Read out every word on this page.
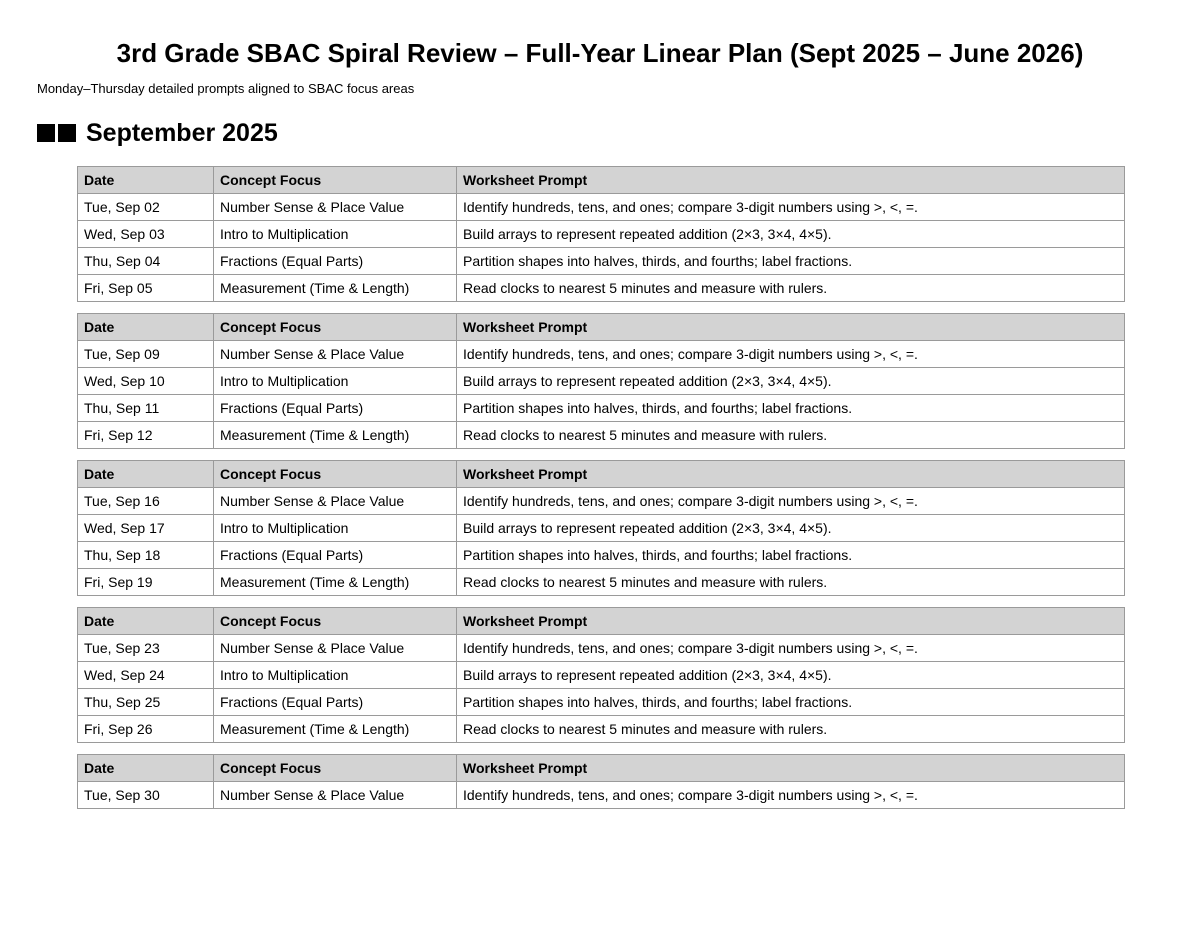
3rd Grade SBAC Spiral Review – Full-Year Linear Plan (Sept 2025 – June 2026)

Monday–Thursday detailed prompts aligned to SBAC focus areas

September 2025
Date	Concept Focus	Worksheet Prompt
Tue, Sep 02	Number Sense & Place Value	Identify hundreds, tens, and ones; compare 3-digit numbers using >, <, =.
Wed, Sep 03	Intro to Multiplication	Build arrays to represent repeated addition (2×3, 3×4, 4×5).
Thu, Sep 04	Fractions (Equal Parts)	Partition shapes into halves, thirds, and fourths; label fractions.
Fri, Sep 05	Measurement (Time & Length)	Read clocks to nearest 5 minutes and measure with rulers.
Date	Concept Focus	Worksheet Prompt
Tue, Sep 09	Number Sense & Place Value	Identify hundreds, tens, and ones; compare 3-digit numbers using >, <, =.
Wed, Sep 10	Intro to Multiplication	Build arrays to represent repeated addition (2×3, 3×4, 4×5).
Thu, Sep 11	Fractions (Equal Parts)	Partition shapes into halves, thirds, and fourths; label fractions.
Fri, Sep 12	Measurement (Time & Length)	Read clocks to nearest 5 minutes and measure with rulers.
Date	Concept Focus	Worksheet Prompt
Tue, Sep 16	Number Sense & Place Value	Identify hundreds, tens, and ones; compare 3-digit numbers using >, <, =.
Wed, Sep 17	Intro to Multiplication	Build arrays to represent repeated addition (2×3, 3×4, 4×5).
Thu, Sep 18	Fractions (Equal Parts)	Partition shapes into halves, thirds, and fourths; label fractions.
Fri, Sep 19	Measurement (Time & Length)	Read clocks to nearest 5 minutes and measure with rulers.
Date	Concept Focus	Worksheet Prompt
Tue, Sep 23	Number Sense & Place Value	Identify hundreds, tens, and ones; compare 3-digit numbers using >, <, =.
Wed, Sep 24	Intro to Multiplication	Build arrays to represent repeated addition (2×3, 3×4, 4×5).
Thu, Sep 25	Fractions (Equal Parts)	Partition shapes into halves, thirds, and fourths; label fractions.
Fri, Sep 26	Measurement (Time & Length)	Read clocks to nearest 5 minutes and measure with rulers.
Date	Concept Focus	Worksheet Prompt
Tue, Sep 30	Number Sense & Place Value	Identify hundreds, tens, and ones; compare 3-digit numbers using >, <, =.
